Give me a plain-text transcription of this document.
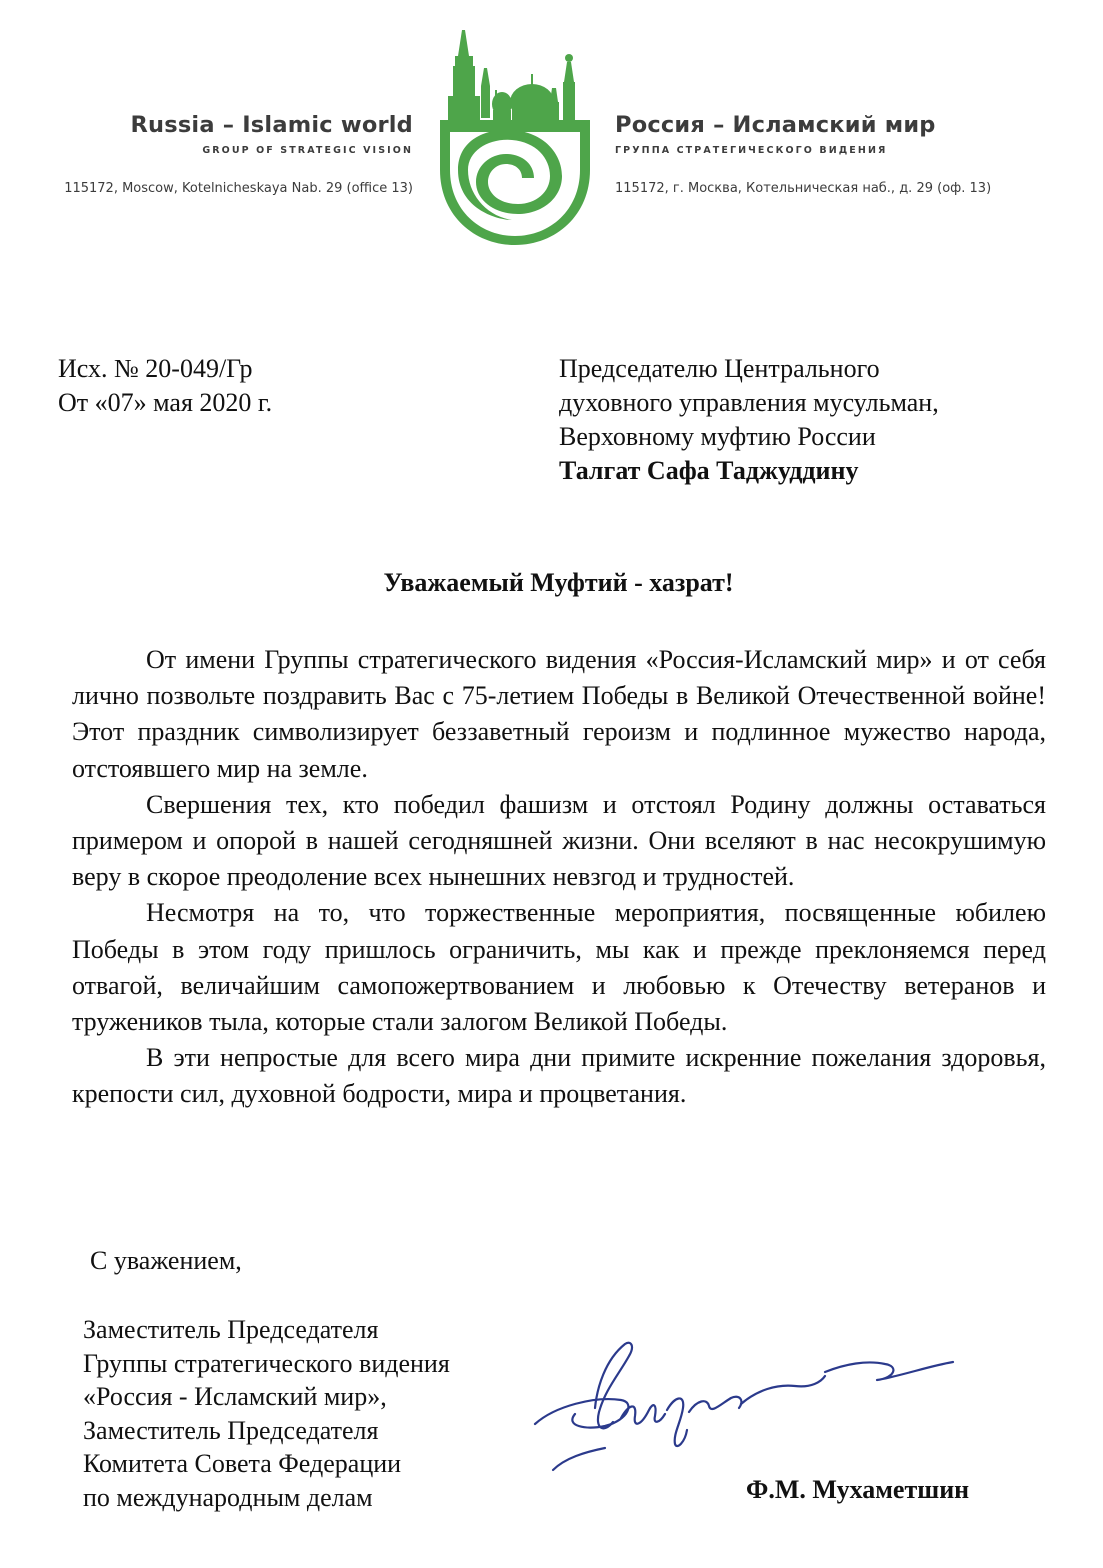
Russia – Islamic world
GROUP OF STRATEGIC VISION
115172, Moscow, Kotelnicheskaya Nab. 29 (office 13)
Россия – Исламский мир
ГРУППА СТРАТЕГИЧЕСКОГО ВИДЕНИЯ
115172, г. Москва, Котельническая наб., д. 29 (оф. 13)
Исх. № 20-049/Гр
От «07» мая 2020 г.
Председателю Центрального
духовного управления мусульман,
Верховному муфтию России
Талгат Сафа Таджуддину
Уважаемый Муфтий - хазрат!

От имени Группы стратегического видения «Россия-Исламский мир» и от себя лично позвольте поздравить Вас с 75-летием Победы в Великой Отечественной войне! Этот праздник символизирует беззаветный героизм и подлинное мужество народа, отстоявшего мир на земле.

Свершения тех, кто победил фашизм и отстоял Родину должны оставаться примером и опорой в нашей сегодняшней жизни. Они вселяют в нас несокрушимую веру в скорое преодоление всех нынешних невзгод и трудностей.

Несмотря на то, что торжественные мероприятия, посвященные юбилею Победы в этом году пришлось ограничить, мы как и прежде преклоняемся перед отвагой, величайшим самопожертвованием и любовью к Отечеству ветеранов и тружеников тыла, которые стали залогом Великой Победы.

В эти непростые для всего мира дни примите искренние пожелания здоровья, крепости сил, духовной бодрости, мира и процветания.

С уважением,
Заместитель Председателя
Группы стратегического видения
«Россия - Исламский мир»,
Заместитель Председателя
Комитета Совета Федерации
по международным делам	Ф.М. Мухаметшин
